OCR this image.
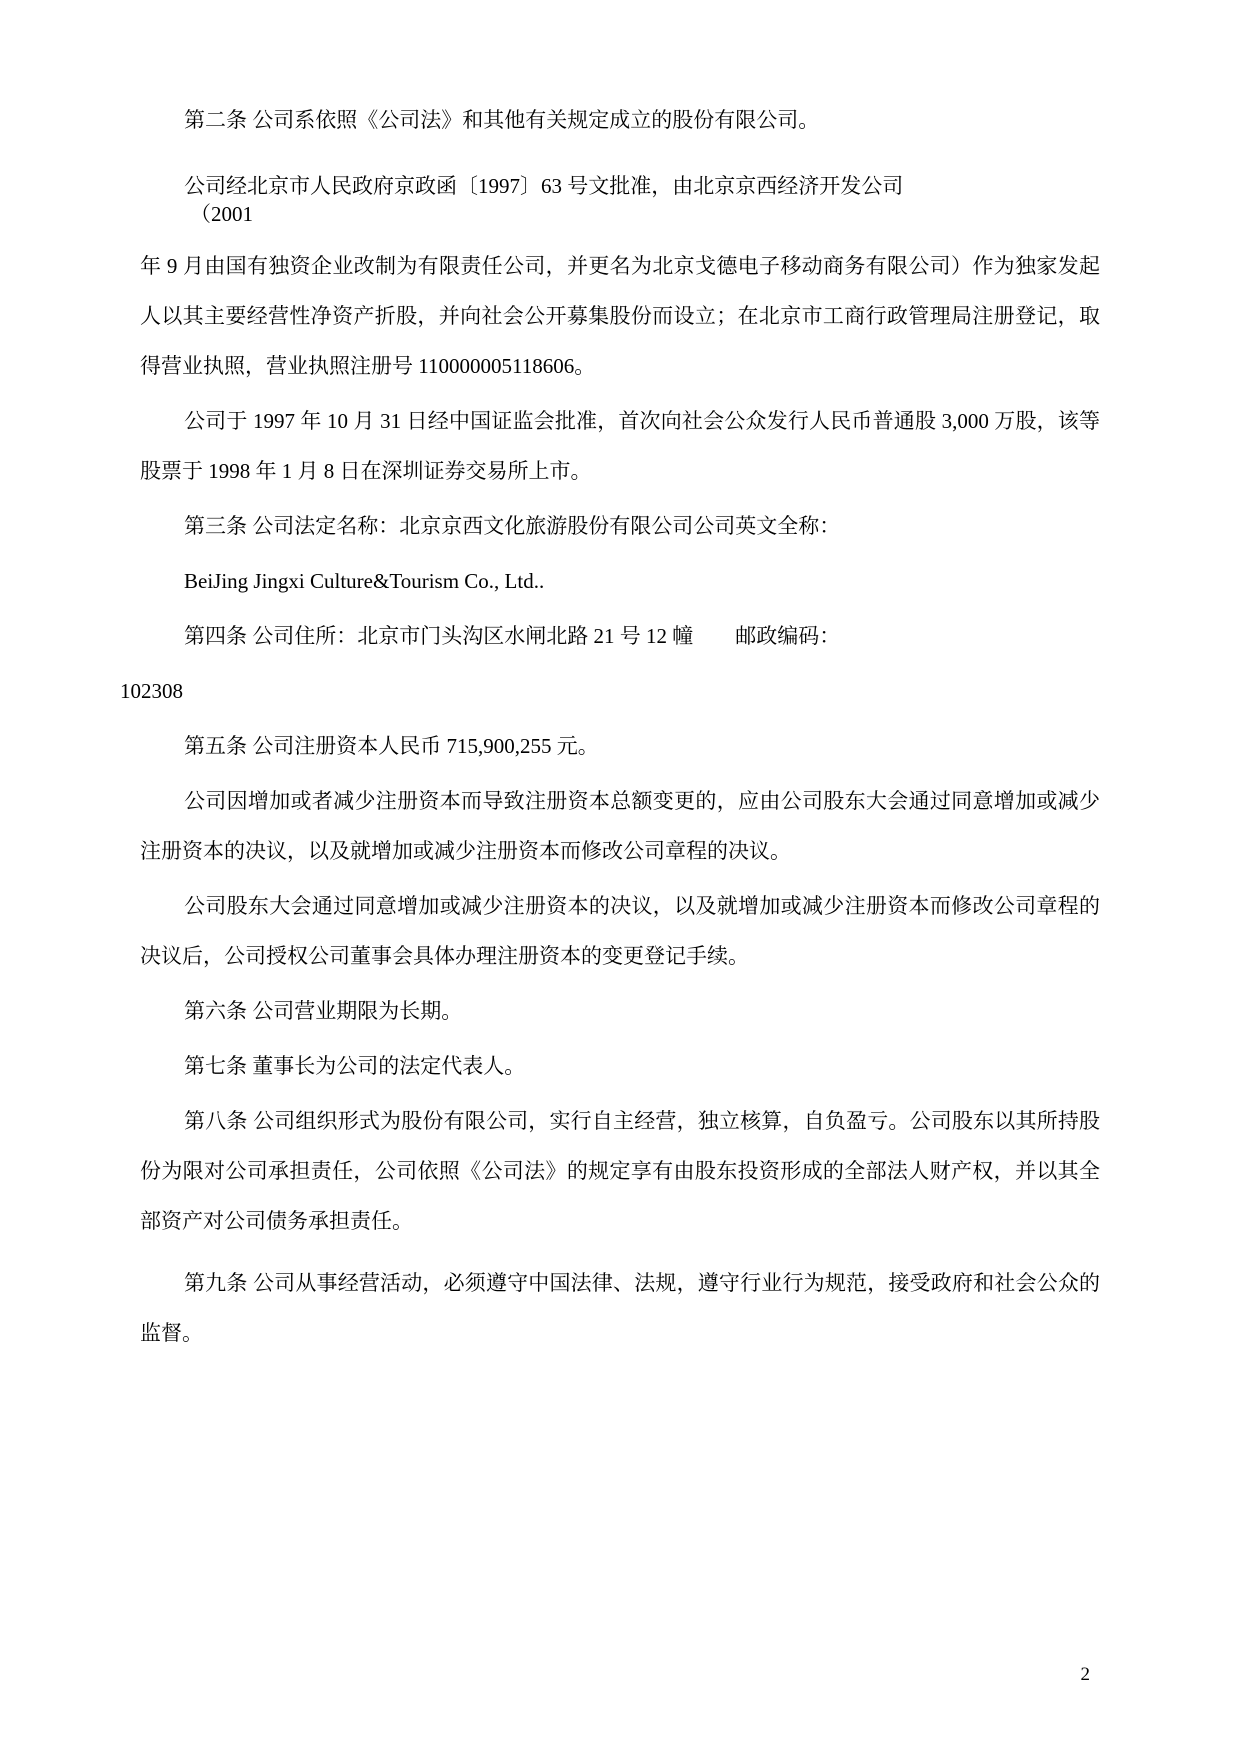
第二条 公司系依照《公司法》和其他有关规定成立的股份有限公司。

公司经北京市人民政府京政函〔1997〕63 号文批准，由北京京西经济开发公司

（2001

年 9 月由国有独资企业改制为有限责任公司，并更名为北京戈德电子移动商务有限公司）作为独家发起人以其主要经营性净资产折股，并向社会公开募集股份而设立；在北京市工商行政管理局注册登记，取得营业执照，营业执照注册号 110000005118606。

公司于 1997 年 10 月 31 日经中国证监会批准，首次向社会公众发行人民币普通股 3,000 万股，该等股票于 1998 年 1 月 8 日在深圳证券交易所上市。

第三条 公司法定名称：北京京西文化旅游股份有限公司公司英文全称：

BeiJing Jingxi Culture&Tourism Co., Ltd..

第四条 公司住所：北京市门头沟区水闸北路 21 号 12 幢　　邮政编码：

102308

第五条 公司注册资本人民币 715,900,255 元。

公司因增加或者减少注册资本而导致注册资本总额变更的，应由公司股东大会通过同意增加或减少注册资本的决议，以及就增加或减少注册资本而修改公司章程的决议。

公司股东大会通过同意增加或减少注册资本的决议，以及就增加或减少注册资本而修改公司章程的决议后，公司授权公司董事会具体办理注册资本的变更登记手续。

第六条 公司营业期限为长期。

第七条 董事长为公司的法定代表人。

第八条 公司组织形式为股份有限公司，实行自主经营，独立核算，自负盈亏。公司股东以其所持股份为限对公司承担责任，公司依照《公司法》的规定享有由股东投资形成的全部法人财产权，并以其全部资产对公司债务承担责任。

第九条 公司从事经营活动，必须遵守中国法律、法规，遵守行业行为规范，接受政府和社会公众的监督。

2
